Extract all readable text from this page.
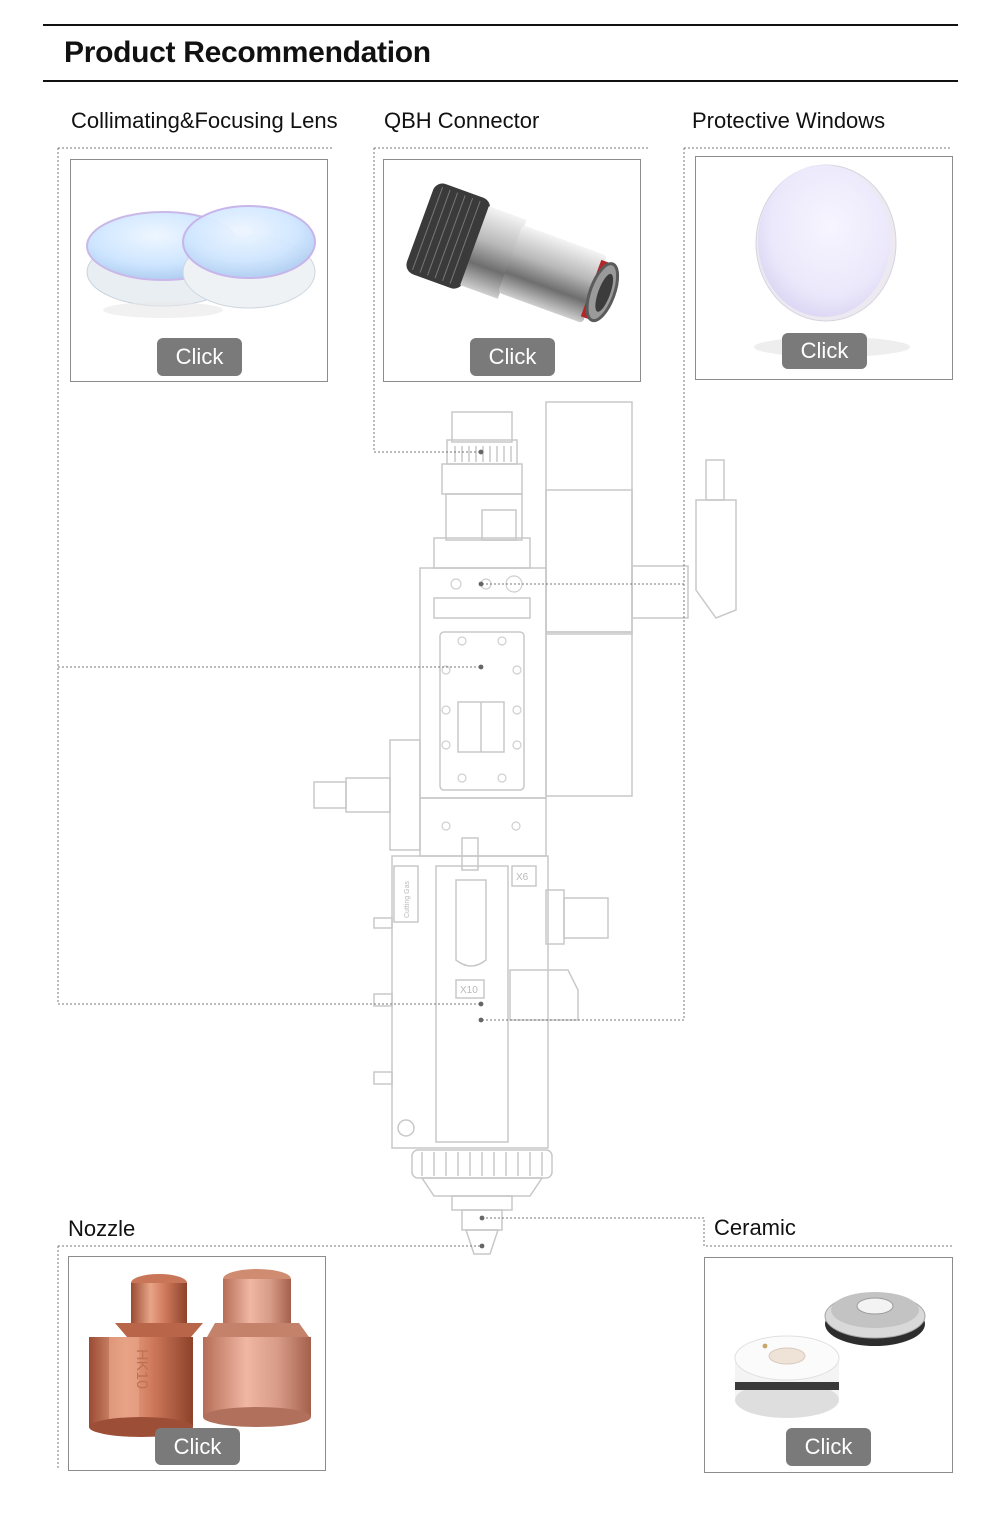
Product Recommendation
Collimating&Focusing Lens QBH Connector	Protective Windows
Nozzle	Ceramic
X6
X10
Cutting Gas
Click	Click	Click
HK10
Click	Click
